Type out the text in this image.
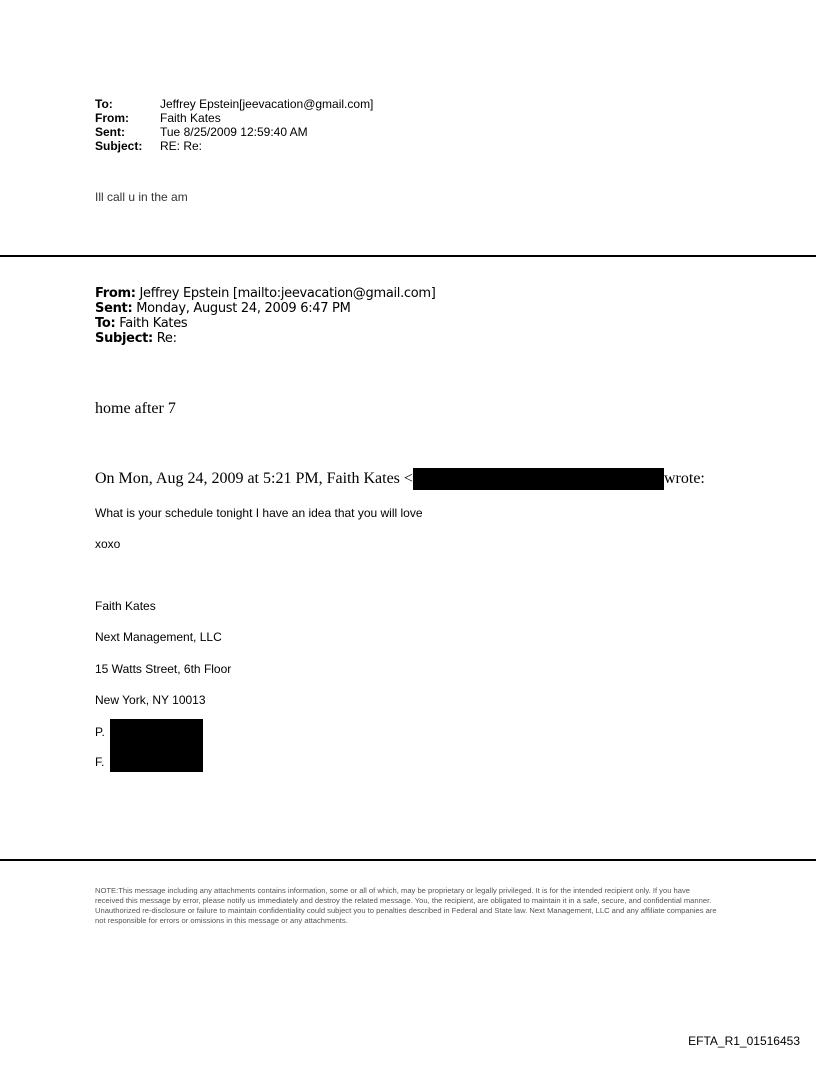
To:	Jeffrey Epstein[jeevacation@gmail.com]
From:	Faith Kates
Sent:	Tue 8/25/2009 12:59:40 AM
Subject: RE: Re:
Ill call u in the am
From: Jeffrey Epstein [mailto:jeevacation@gmail.com]
Sent: Monday, August 24, 2009 6:47 PM
To: Faith Kates
Subject: Re:
home after 7
On Mon, Aug 24, 2009 at 5:21 PM, Faith Kates <	wrote:
What is your schedule tonight I have an idea that you will love
xoxo
Faith Kates
Next Management, LLC
15 Watts Street, 6th Floor
New York, NY 10013
P.
F.
NOTE:This message including any attachments contains information, some or all of which, may be proprietary or legally privileged. It is for the intended recipient only. If you have received this message by error, please notify us immediately and destroy the related message. You, the recipient, are obligated to maintain it in a safe, secure, and confidential manner. Unauthorized re-disclosure or failure to maintain confidentiality could subject you to penalties described in Federal and State law. Next Management, LLC and any affiliate companies are not responsible for errors or omissions in this message or any attachments.
EFTA_R1_01516453
